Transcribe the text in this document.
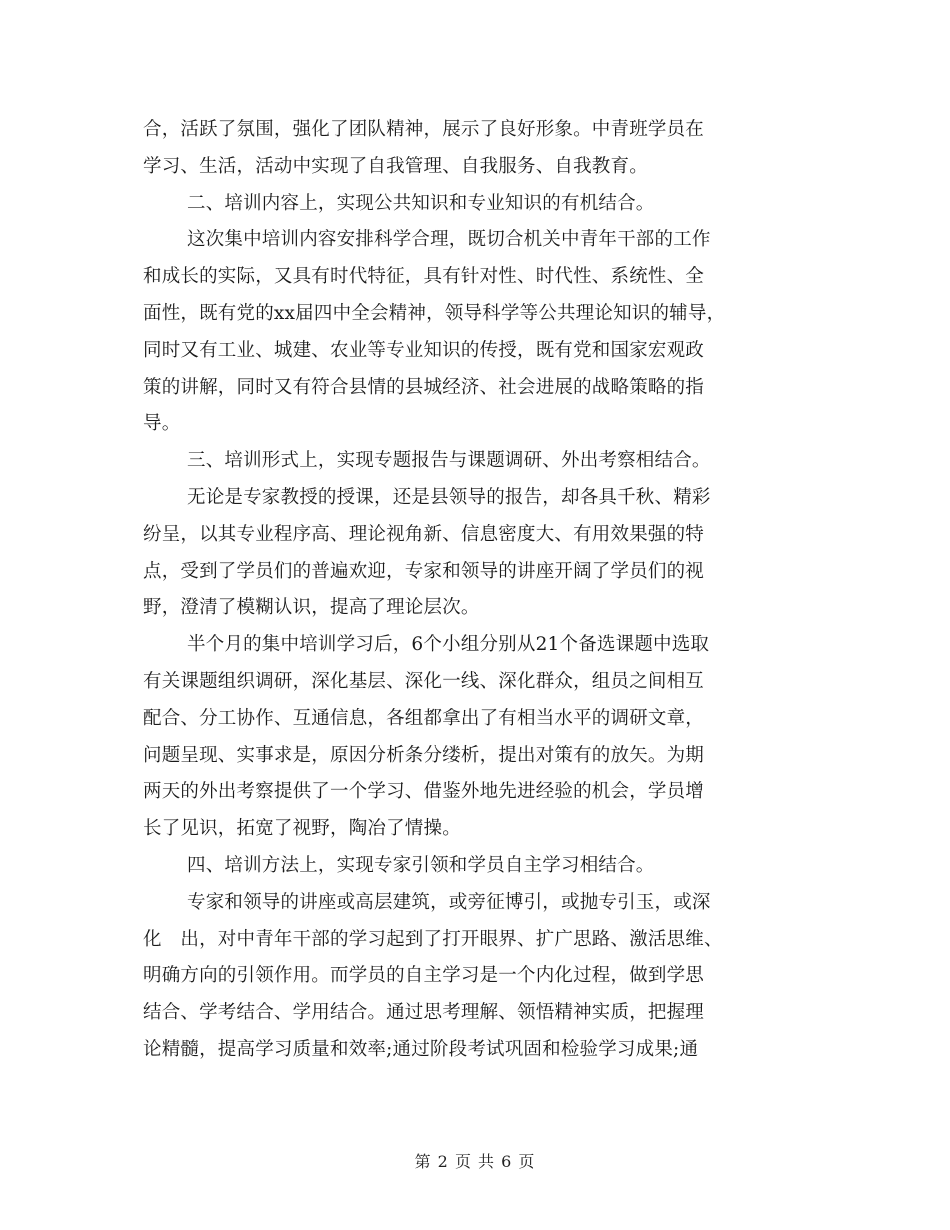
合，活跃了氛围，强化了团队精神，展示了良好形象。中青班学员在
学习、生活，活动中实现了自我管理、自我服务、自我教育。
二、培训内容上，实现公共知识和专业知识的有机结合。
这次集中培训内容安排科学合理，既切合机关中青年干部的工作
和成长的实际，又具有时代特征，具有针对性、时代性、系统性、全
面性，既有党的xx届四中全会精神，领导科学等公共理论知识的辅导，
同时又有工业、城建、农业等专业知识的传授，既有党和国家宏观政
策的讲解，同时又有符合县情的县城经济、社会进展的战略策略的指
导。
三、培训形式上，实现专题报告与课题调研、外出考察相结合。
无论是专家教授的授课，还是县领导的报告，却各具千秋、精彩
纷呈，以其专业程序高、理论视角新、信息密度大、有用效果强的特
点，受到了学员们的普遍欢迎，专家和领导的讲座开阔了学员们的视
野，澄清了模糊认识，提高了理论层次。
半个月的集中培训学习后，6个小组分别从21个备选课题中选取
有关课题组织调研，深化基层、深化一线、深化群众，组员之间相互
配合、分工协作、互通信息，各组都拿出了有相当水平的调研文章，
问题呈现、实事求是，原因分析条分缕析，提出对策有的放矢。为期
两天的外出考察提供了一个学习、借鉴外地先进经验的机会，学员增
长了见识，拓宽了视野，陶冶了情操。
四、培训方法上，实现专家引领和学员自主学习相结合。
专家和领导的讲座或高层建筑，或旁征博引，或抛专引玉，或深
化　出，对中青年干部的学习起到了打开眼界、扩广思路、激活思维、
明确方向的引领作用。而学员的自主学习是一个内化过程，做到学思
结合、学考结合、学用结合。通过思考理解、领悟精神实质，把握理
论精髓，提高学习质量和效率;通过阶段考试巩固和检验学习成果;通
第 2 页 共 6 页
